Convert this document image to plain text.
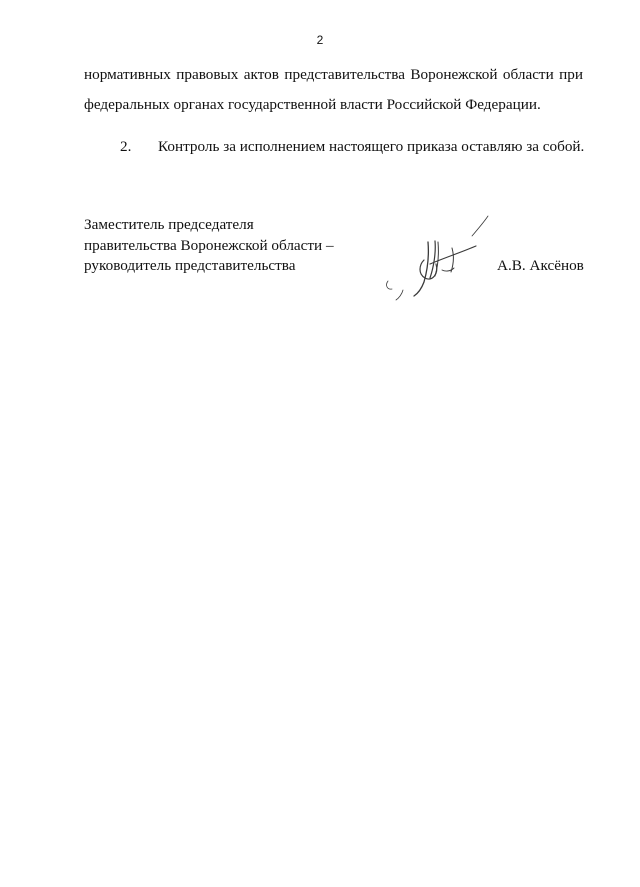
2
нормативных правовых актов представительства Воронежской области при
федеральных органах государственной власти Российской Федерации.
2. Контроль за исполнением настоящего приказа оставляю за собой.
Заместитель председателя
правительства Воронежской области –
руководитель представительства	А.В. Аксёнов
